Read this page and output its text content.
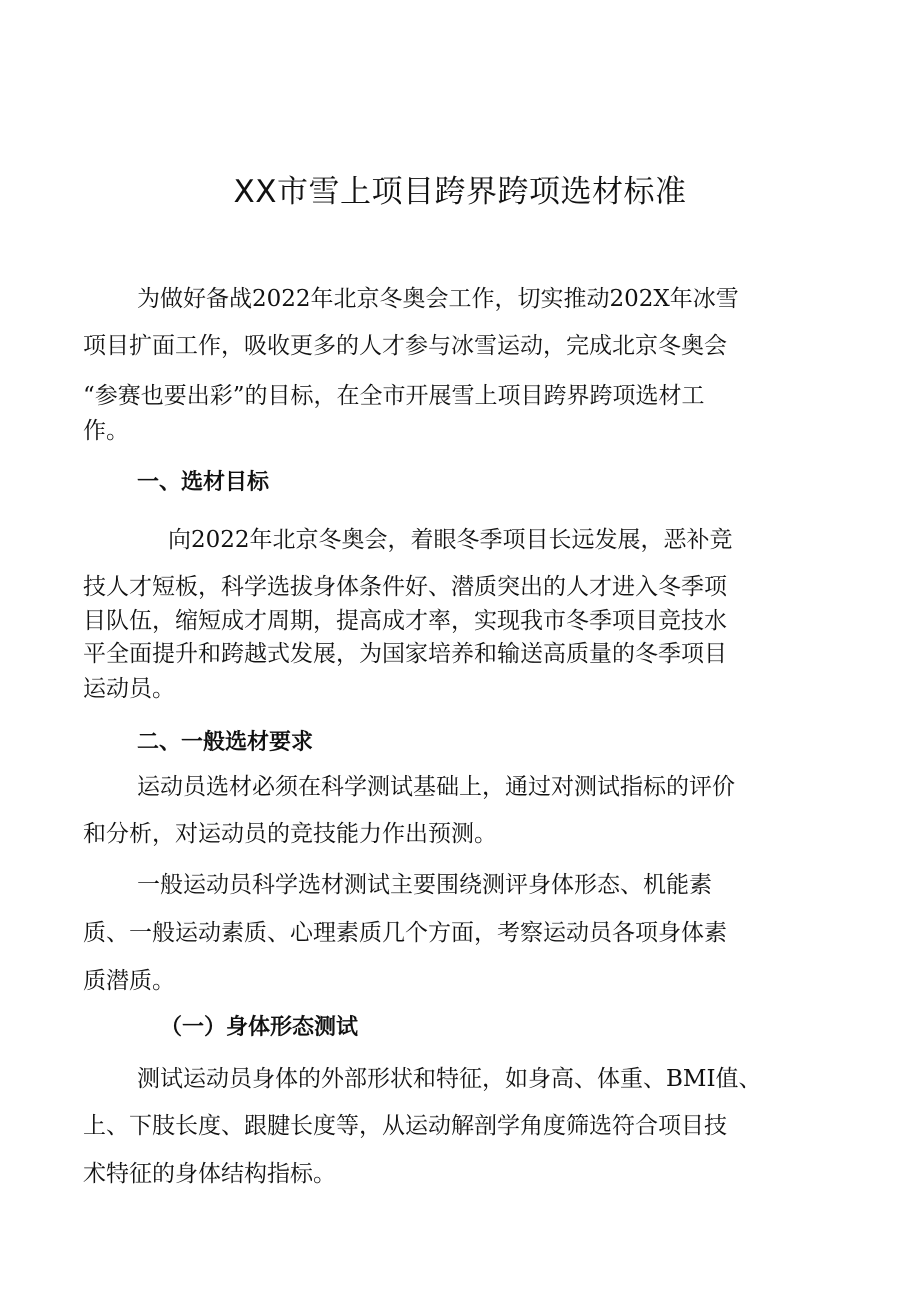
XX市雪上项目跨界跨项选材标准

为做好备战2022年北京冬奥会工作，切实推动202X年冰雪

项目扩面工作，吸收更多的人才参与冰雪运动，完成北京冬奥会

“参赛也要出彩”的目标，在全市开展雪上项目跨界跨项选材工

作。

一、选材目标

向2022年北京冬奥会，着眼冬季项目长远发展，恶补竞

技人才短板，科学选拔身体条件好、潜质突出的人才进入冬季项

目队伍，缩短成才周期，提高成才率，实现我市冬季项目竞技水

平全面提升和跨越式发展，为国家培养和输送高质量的冬季项目

运动员。

二、一般选材要求

运动员选材必须在科学测试基础上，通过对测试指标的评价

和分析，对运动员的竞技能力作出预测。

一般运动员科学选材测试主要围绕测评身体形态、机能素

质、一般运动素质、心理素质几个方面，考察运动员各项身体素

质潜质。

（一）身体形态测试

测试运动员身体的外部形状和特征，如身高、体重、BMI值、

上、下肢长度、跟腱长度等，从运动解剖学角度筛选符合项目技

术特征的身体结构指标。
